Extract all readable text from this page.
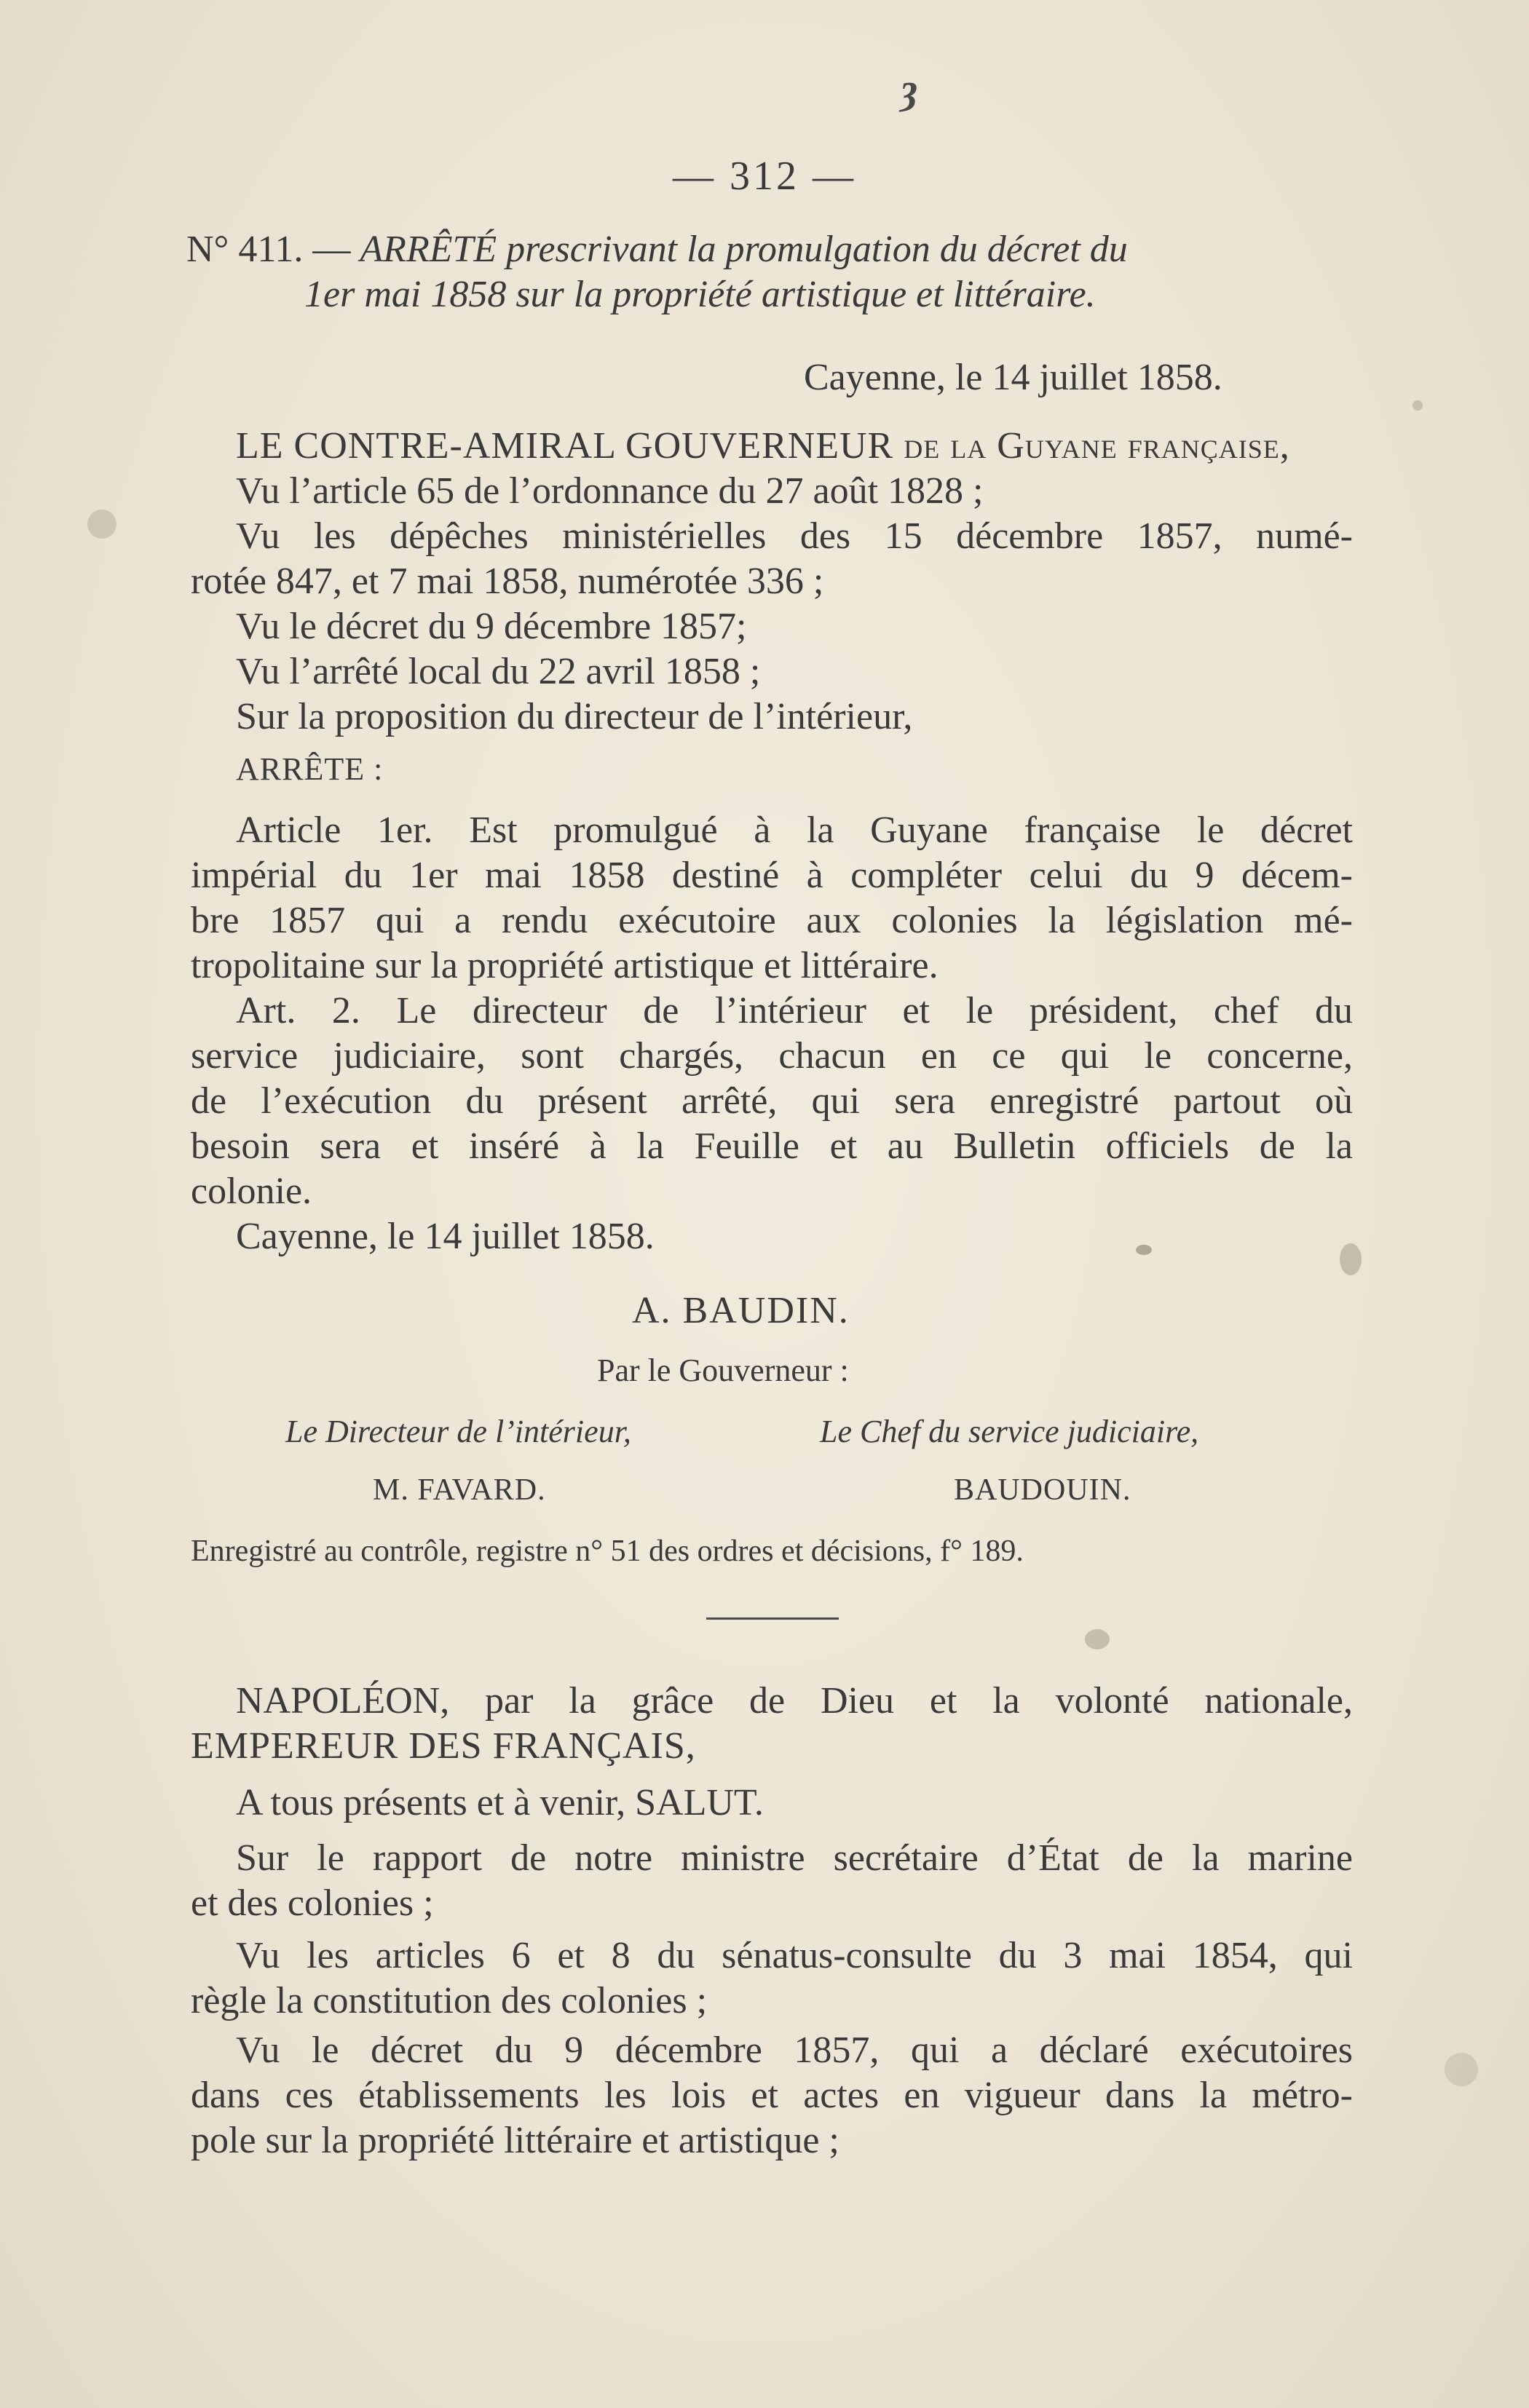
ȝ
— 312 —
N° 411. — ARRÊTÉ prescrivant la promulgation du décret du
1er mai 1858 sur la propriété artistique et littéraire.
Cayenne, le 14 juillet 1858.
LE CONTRE-AMIRAL GOUVERNEUR de la Guyane française,
Vu l’article 65 de l’ordonnance du 27 août 1828 ;
Vu les dépêches ministérielles des 15 décembre 1857, numé-
rotée 847, et 7 mai 1858, numérotée 336 ;
Vu le décret du 9 décembre 1857;
Vu l’arrêté local du 22 avril 1858 ;
Sur la proposition du directeur de l’intérieur,
ARRÊTE :
Article 1er. Est promulgué à la Guyane française le décret
impérial du 1er mai 1858 destiné à compléter celui du 9 décem-
bre 1857 qui a rendu exécutoire aux colonies la législation mé-
tropolitaine sur la propriété artistique et littéraire.
Art. 2. Le directeur de l’intérieur et le président, chef du
service judiciaire, sont chargés, chacun en ce qui le concerne,
de l’exécution du présent arrêté, qui sera enregistré partout où
besoin sera et inséré à la Feuille et au Bulletin officiels de la
colonie.
Cayenne, le 14 juillet 1858.
A. BAUDIN.
Par le Gouverneur :
Le Directeur de l’intérieur,	Le Chef du service judiciaire,
M. FAVARD.	BAUDOUIN.
Enregistré au contrôle, registre n° 51 des ordres et décisions, f° 189.
NAPOLÉON, par la grâce de Dieu et la volonté nationale,
EMPEREUR DES FRANÇAIS,
A tous présents et à venir, SALUT.
Sur le rapport de notre ministre secrétaire d’État de la marine
et des colonies ;
Vu les articles 6 et 8 du sénatus-consulte du 3 mai 1854, qui
règle la constitution des colonies ;
Vu le décret du 9 décembre 1857, qui a déclaré exécutoires
dans ces établissements les lois et actes en vigueur dans la métro-
pole sur la propriété littéraire et artistique ;
